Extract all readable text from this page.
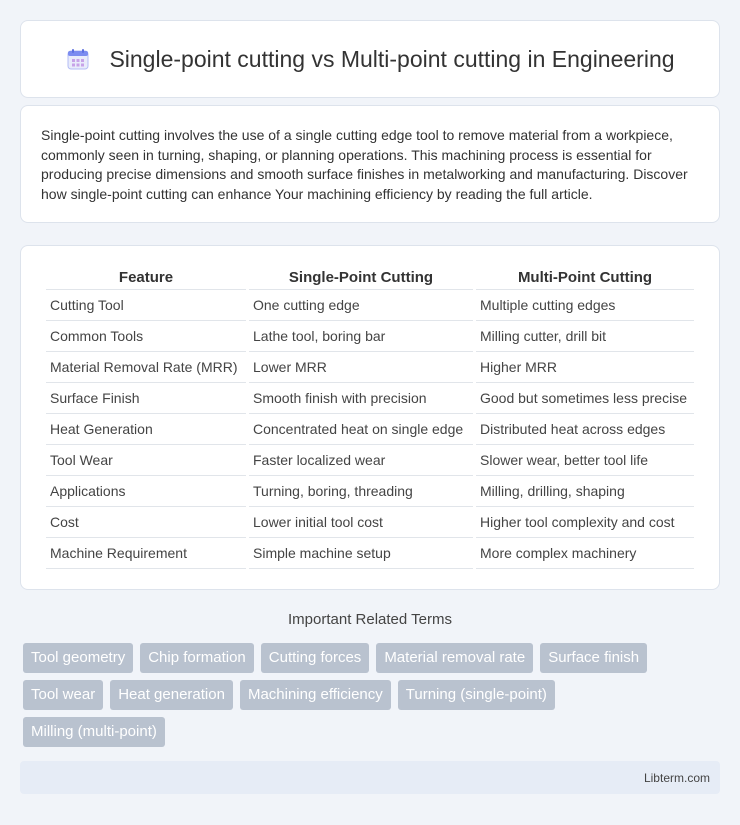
Single-point cutting vs Multi-point cutting in Engineering

Single-point cutting involves the use of a single cutting edge tool to remove material from a workpiece, commonly seen in turning, shaping, or planning operations. This machining process is essential for producing precise dimensions and smooth surface finishes in metalworking and manufacturing. Discover how single-point cutting can enhance Your machining efficiency by reading the full article.

Feature	Single-Point Cutting	Multi-Point Cutting
Cutting Tool	One cutting edge	Multiple cutting edges
Common Tools	Lathe tool, boring bar	Milling cutter, drill bit
Material Removal Rate (MRR)	Lower MRR	Higher MRR
Surface Finish	Smooth finish with precision	Good but sometimes less precise
Heat Generation	Concentrated heat on single edge	Distributed heat across edges
Tool Wear	Faster localized wear	Slower wear, better tool life
Applications	Turning, boring, threading	Milling, drilling, shaping
Cost	Lower initial tool cost	Higher tool complexity and cost
Machine Requirement	Simple machine setup	More complex machinery
Important Related Terms
Tool geometry	Chip formation	Cutting forces	Material removal rate	Surface finish
Tool wear	Heat generation	Machining efficiency	Turning (single-point)
Milling (multi-point)
Libterm.com
